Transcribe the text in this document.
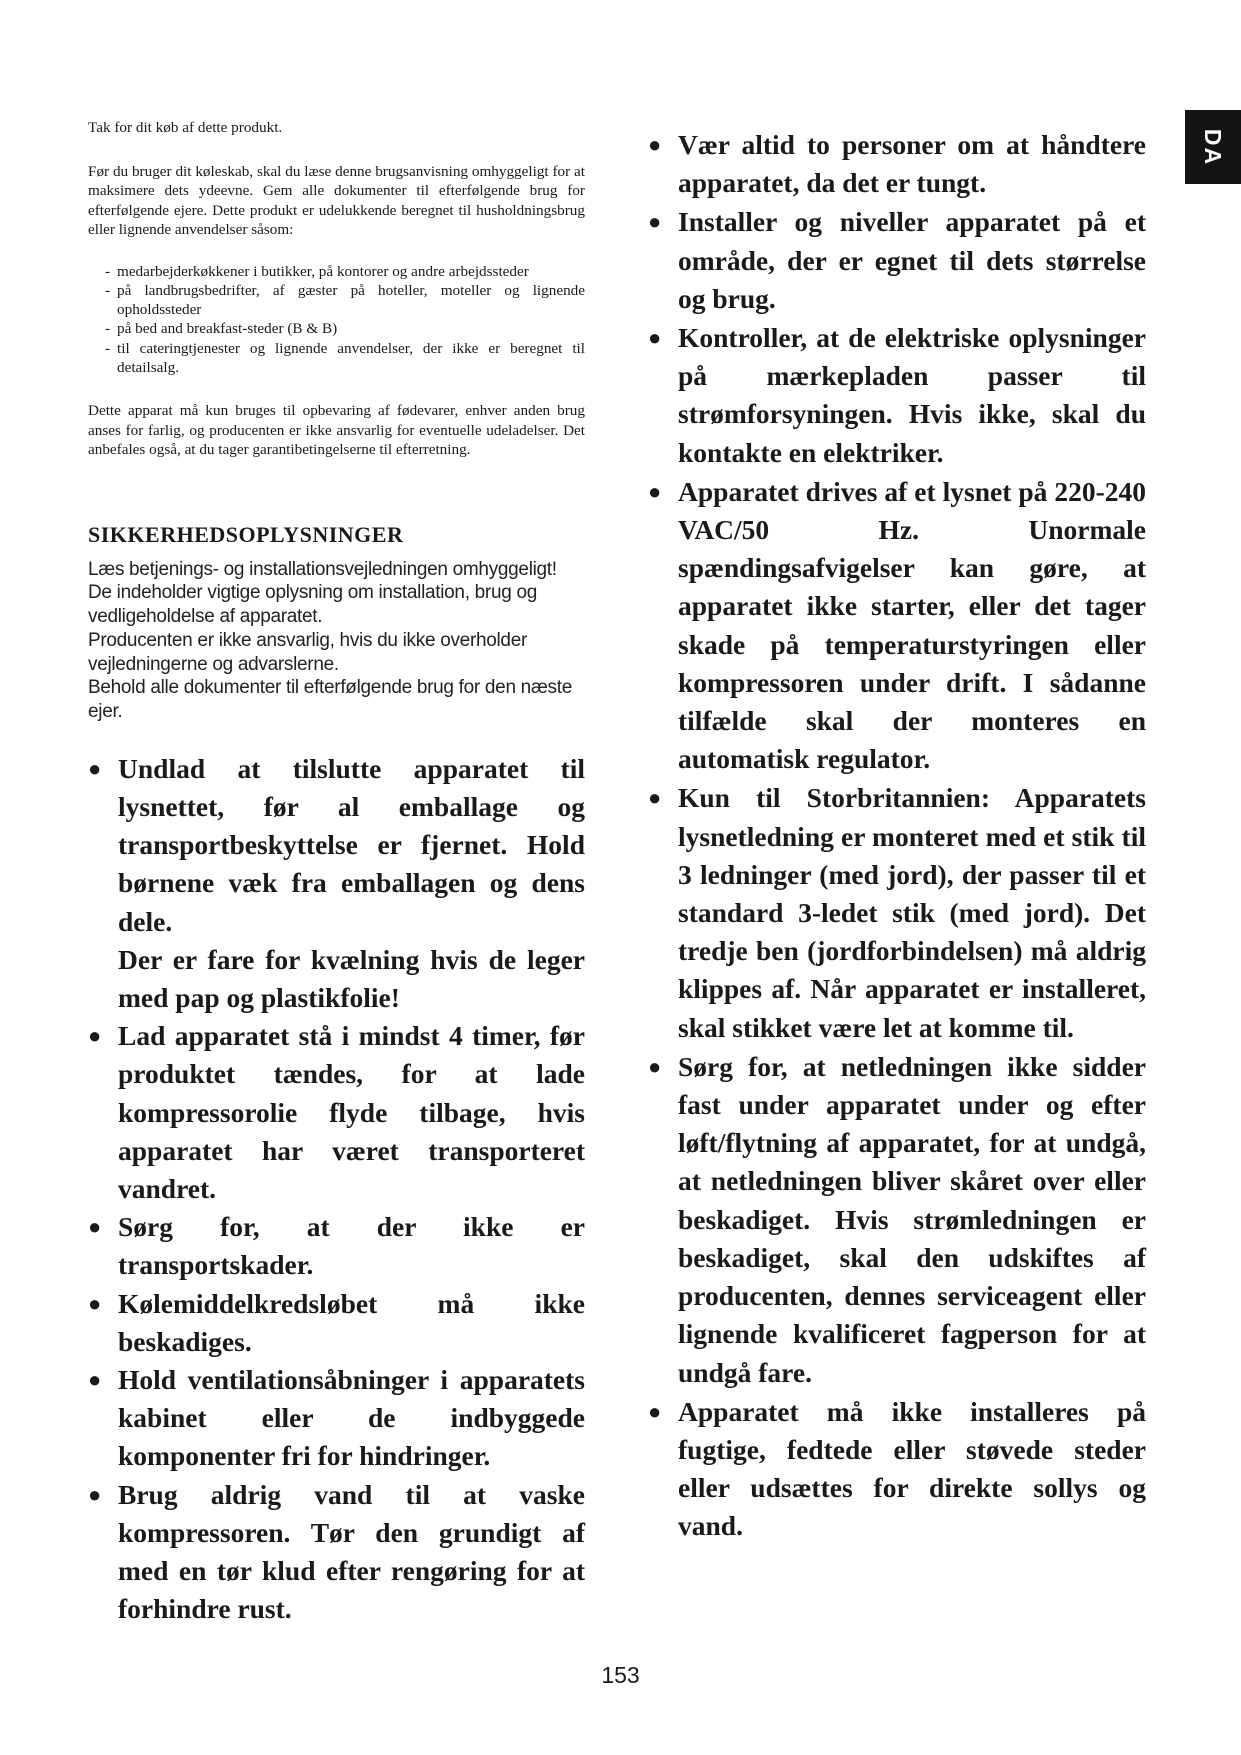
DA

Tak for dit køb af dette produkt.

Før du bruger dit køleskab, skal du læse denne brugsanvisning omhyggeligt for at maksimere dets ydeevne. Gem alle dokumenter til efterfølgende brug for efterfølgende ejere. Dette produkt er udelukkende beregnet til husholdningsbrug eller lignende anvendelser såsom:

- medarbejderkøkkener i butikker, på kontorer og andre arbejdssteder
- på landbrugsbedrifter, af gæster på hoteller, moteller og lignende opholdssteder
- på bed and breakfast-steder (B & B)
- til cateringtjenester og lignende anvendelser, der ikke er beregnet til detailsalg.

Dette apparat må kun bruges til opbevaring af fødevarer, enhver anden brug anses for farlig, og producenten er ikke ansvarlig for eventuelle udeladelser. Det anbefales også, at du tager garantibetingelserne til efterretning.

SIKKERHEDSOPLYSNINGER

Læs betjenings- og installationsvejledningen omhyggeligt!

De indeholder vigtige oplysning om installation, brug og vedligeholdelse af apparatet.

Producenten er ikke ansvarlig, hvis du ikke overholder vejledningerne og advarslerne.

Behold alle dokumenter til efterfølgende brug for den næste ejer.

● Undlad at tilslutte apparatet til lysnettet, før al emballage og transportbeskyttelse er fjernet. Hold børnene væk fra emballagen og dens dele.
Der er fare for kvælning hvis de leger med pap og plastikfolie!
● Lad apparatet stå i mindst 4 timer, før produktet tændes, for at lade kompressorolie flyde tilbage, hvis apparatet har været transporteret vandret.
● Sørg for, at der ikke er transportskader.
● Kølemiddelkredsløbet må ikke beskadiges.
● Hold ventilationsåbninger i apparatets kabinet eller de indbyggede komponenter fri for hindringer.
● Brug aldrig vand til at vaske kompressoren. Tør den grundigt af med en tør klud efter rengøring for at forhindre rust.
● Vær altid to personer om at håndtere apparatet, da det er tungt.
● Installer og niveller apparatet på et område, der er egnet til dets størrelse og brug.
● Kontroller, at de elektriske oplysninger på mærkepladen passer til strømforsyningen. Hvis ikke, skal du kontakte en elektriker.
● Apparatet drives af et lysnet på 220-240 VAC/50 Hz. Unormale spændingsafvigelser kan gøre, at apparatet ikke starter, eller det tager skade på temperaturstyringen eller kompressoren under drift. I sådanne tilfælde skal der monteres en automatisk regulator.
● Kun til Storbritannien: Apparatets lysnetledning er monteret med et stik til 3 ledninger (med jord), der passer til et standard 3-ledet stik (med jord). Det tredje ben (jordforbindelsen) må aldrig klippes af. Når apparatet er installeret, skal stikket være let at komme til.
● Sørg for, at netledningen ikke sidder fast under apparatet under og efter løft/flytning af apparatet, for at undgå, at netledningen bliver skåret over eller beskadiget. Hvis strømledningen er beskadiget, skal den udskiftes af producenten, dennes serviceagent eller lignende kvalificeret fagperson for at undgå fare.
● Apparatet må ikke installeres på fugtige, fedtede eller støvede steder eller udsættes for direkte sollys og vand.
153
